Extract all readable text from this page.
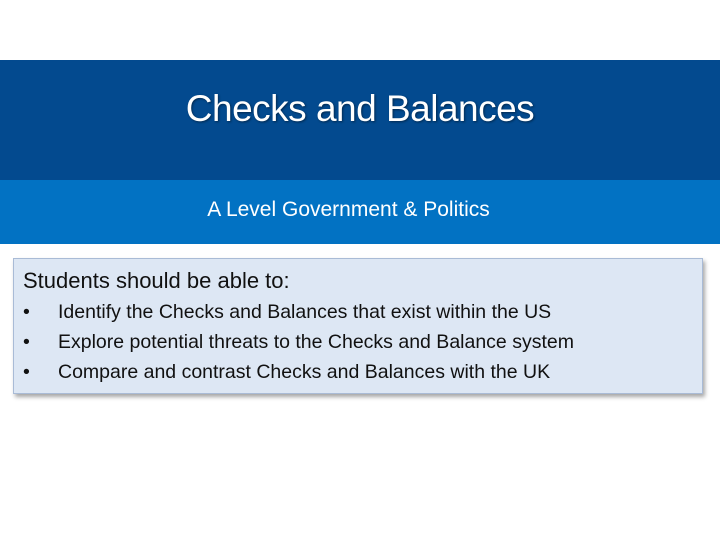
Checks and Balances
A Level Government & Politics
Students should be able to:
• Identify the Checks and Balances that exist within the US
• Explore potential threats to the Checks and Balance system
• Compare and contrast Checks and Balances with the UK
